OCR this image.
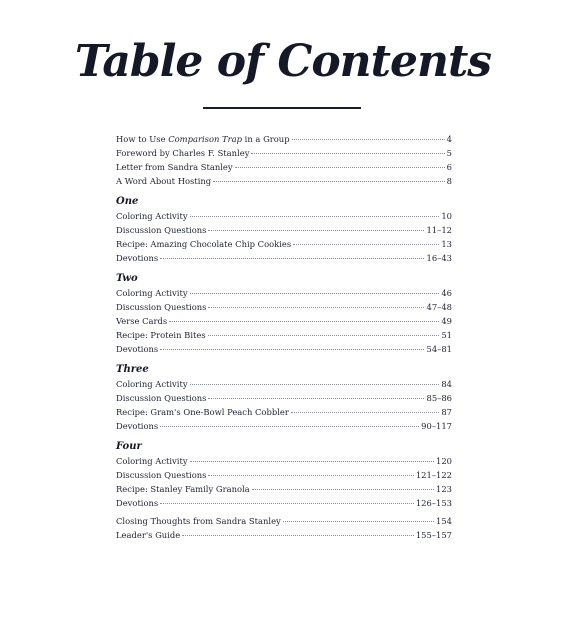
Table of Contents
How to Use Comparison Trap in a Group	4
Foreword by Charles F. Stanley	5
Letter from Sandra Stanley	6
A Word About Hosting	8
One
Coloring Activity	10
Discussion Questions	11–12
Recipe: Amazing Chocolate Chip Cookies	13
Devotions	16–43
Two
Coloring Activity	46
Discussion Questions	47–48
Verse Cards	49
Recipe: Protein Bites	51
Devotions	54–81
Three
Coloring Activity	84
Discussion Questions	85–86
Recipe: Gram's One-Bowl Peach Cobbler	87
Devotions	90–117
Four
Coloring Activity	120
Discussion Questions	121–122
Recipe: Stanley Family Granola	123
Devotions	126–153
Closing Thoughts from Sandra Stanley	154
Leader's Guide	155–157
